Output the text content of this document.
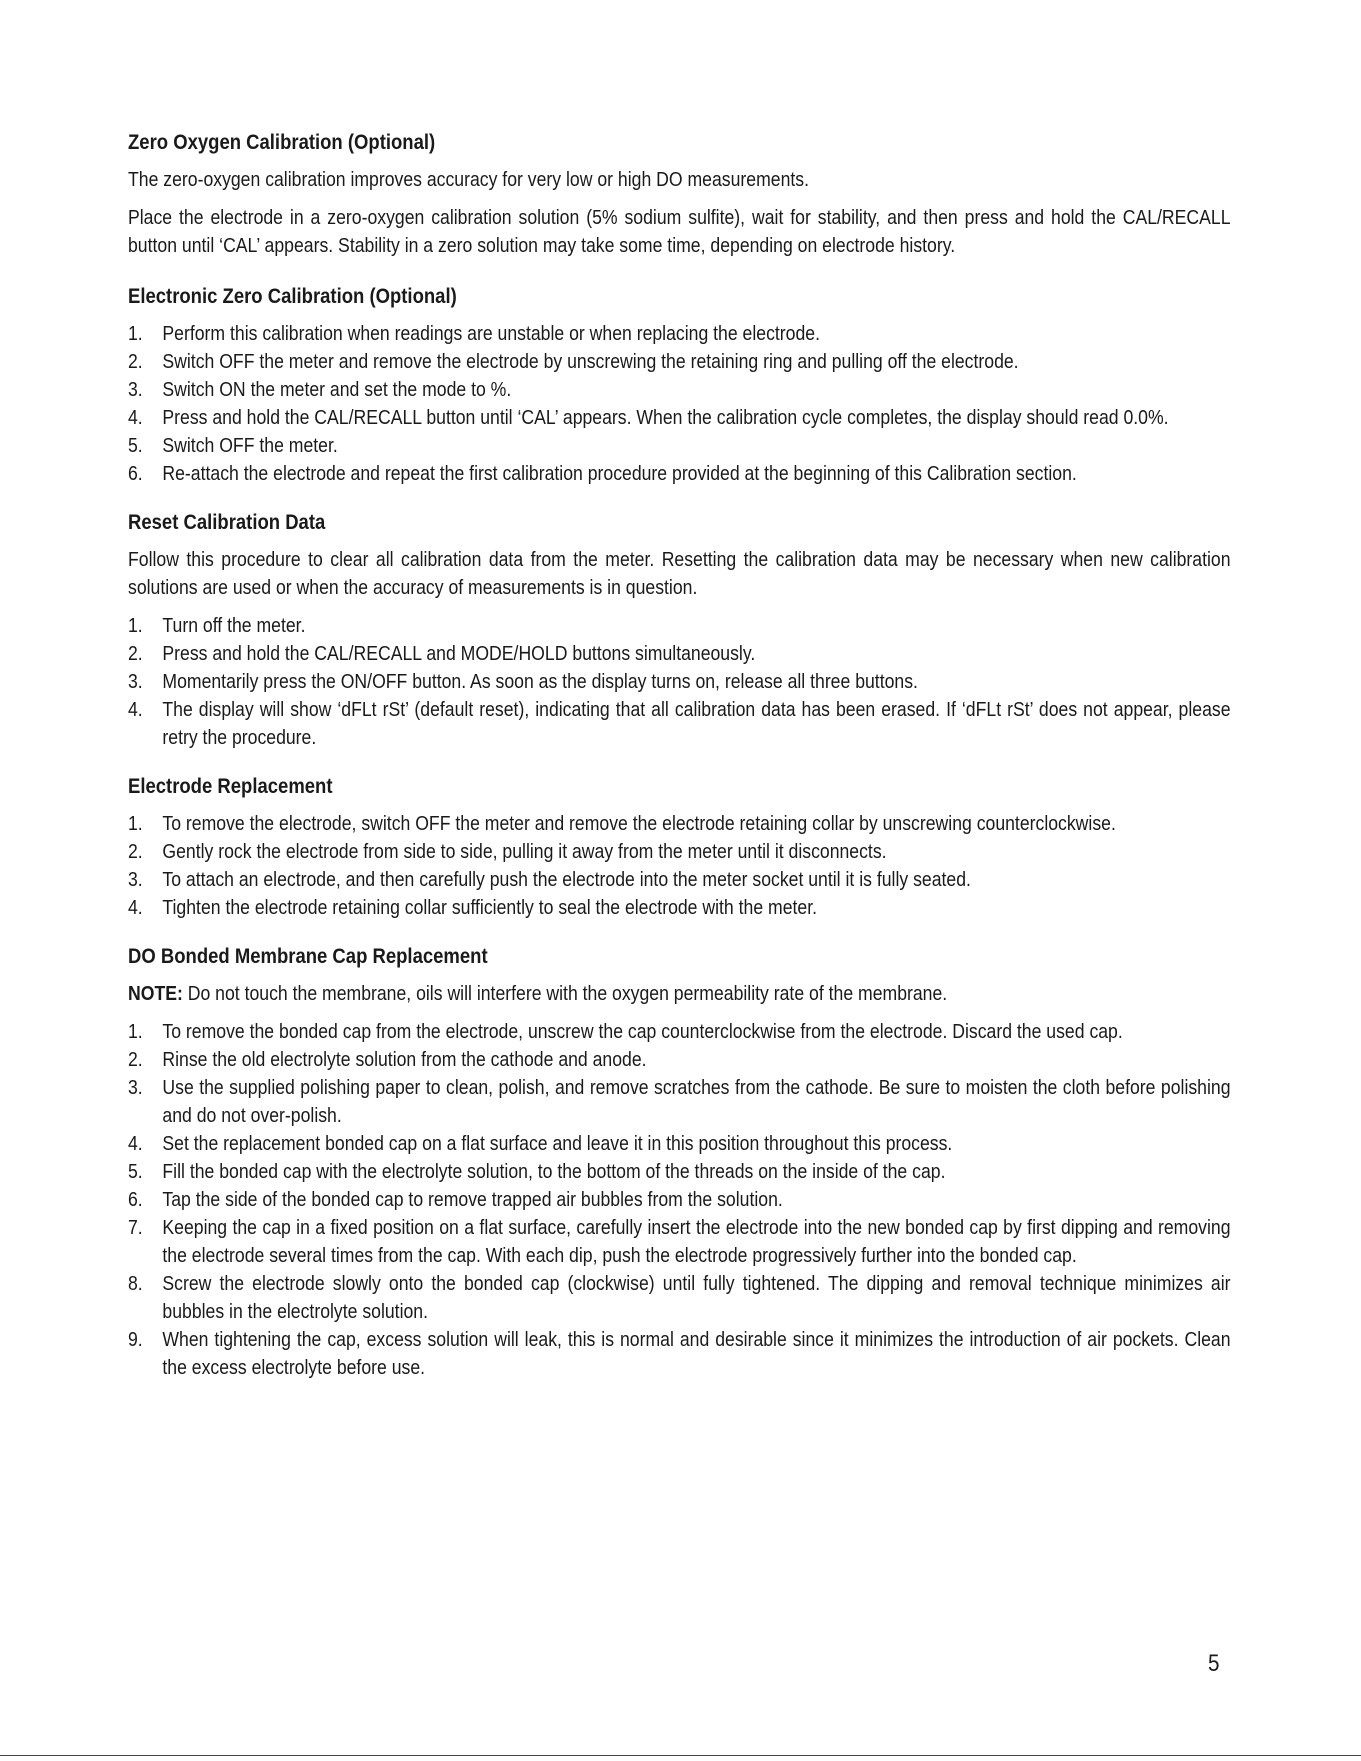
Zero Oxygen Calibration (Optional)

The zero-oxygen calibration improves accuracy for very low or high DO measurements.

Place the electrode in a zero-oxygen calibration solution (5% sodium sulfite), wait for stability, and then press and hold the CAL/RECALL button until ‘CAL’ appears. Stability in a zero solution may take some time, depending on electrode history.

Electronic Zero Calibration (Optional)
1. Perform this calibration when readings are unstable or when replacing the electrode.
2. Switch OFF the meter and remove the electrode by unscrewing the retaining ring and pulling off the electrode.
3. Switch ON the meter and set the mode to %.
4. Press and hold the CAL/RECALL button until ‘CAL’ appears. When the calibration cycle completes, the display should read 0.0%.
5. Switch OFF the meter.
6. Re-attach the electrode and repeat the first calibration procedure provided at the beginning of this Calibration section.
Reset Calibration Data

Follow this procedure to clear all calibration data from the meter. Resetting the calibration data may be necessary when new calibration solutions are used or when the accuracy of measurements is in question.

1. Turn off the meter.
2. Press and hold the CAL/RECALL and MODE/HOLD buttons simultaneously.
3. Momentarily press the ON/OFF button. As soon as the display turns on, release all three buttons.
4. The display will show ‘dFLt rSt’ (default reset), indicating that all calibration data has been erased. If ‘dFLt rSt’ does not appear, please retry the procedure.
Electrode Replacement
1. To remove the electrode, switch OFF the meter and remove the electrode retaining collar by unscrewing counterclockwise.
2. Gently rock the electrode from side to side, pulling it away from the meter until it disconnects.
3. To attach an electrode, and then carefully push the electrode into the meter socket until it is fully seated.
4. Tighten the electrode retaining collar sufficiently to seal the electrode with the meter.
DO Bonded Membrane Cap Replacement

NOTE: Do not touch the membrane, oils will interfere with the oxygen permeability rate of the membrane.

1. To remove the bonded cap from the electrode, unscrew the cap counterclockwise from the electrode. Discard the used cap.
2. Rinse the old electrolyte solution from the cathode and anode.
3. Use the supplied polishing paper to clean, polish, and remove scratches from the cathode. Be sure to moisten the cloth before polishing and do not over-polish.
4. Set the replacement bonded cap on a flat surface and leave it in this position throughout this process.
5. Fill the bonded cap with the electrolyte solution, to the bottom of the threads on the inside of the cap.
6. Tap the side of the bonded cap to remove trapped air bubbles from the solution.
7. Keeping the cap in a fixed position on a flat surface, carefully insert the electrode into the new bonded cap by first dipping and removing the electrode several times from the cap. With each dip, push the electrode progressively further into the bonded cap.
8. Screw the electrode slowly onto the bonded cap (clockwise) until fully tightened. The dipping and removal technique minimizes air bubbles in the electrolyte solution.
9. When tightening the cap, excess solution will leak, this is normal and desirable since it minimizes the introduction of air pockets. Clean the excess electrolyte before use.
5
